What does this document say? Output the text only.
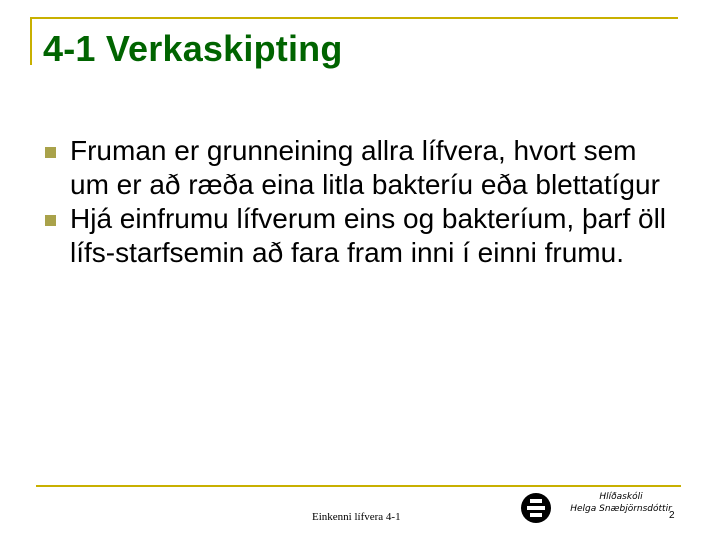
4-1 Verkaskipting
Fruman er grunneining allra lífvera, hvort sem um er að ræða eina litla bakteríu eða blettatígur
Hjá einfrumu lífverum eins og bakteríum, þarf öll lífs-starfsemin að fara fram inni í einni frumu.
Einkenni lífvera 4-1
Hlíðaskóli
Helga Snæbjörnsdóttir
2
